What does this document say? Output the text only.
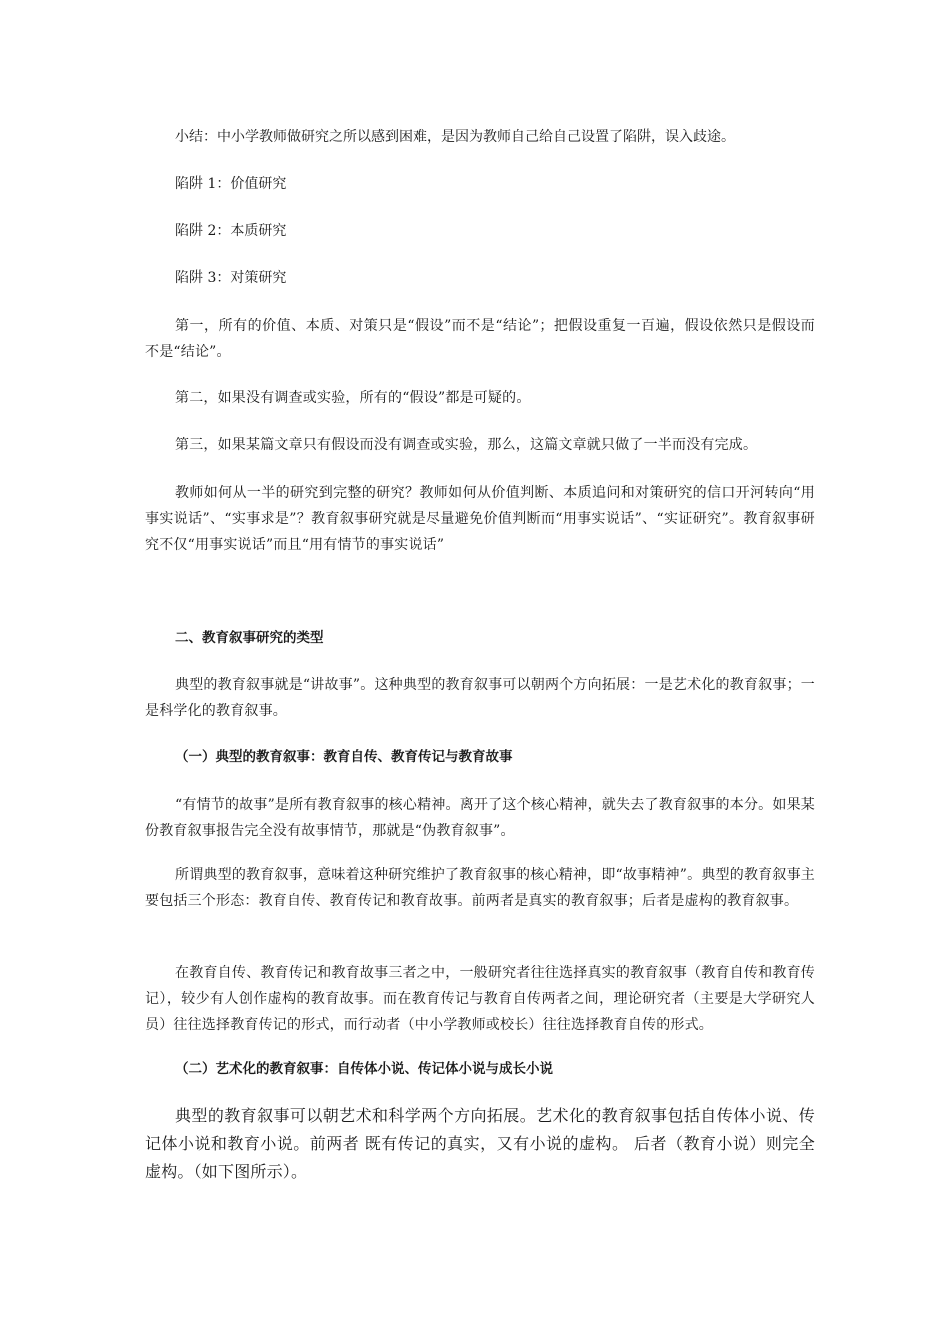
小结：中小学教师做研究之所以感到困难，是因为教师自己给自己设置了陷阱，误入歧途。

陷阱 1：价值研究

陷阱 2：本质研究

陷阱 3：对策研究

第一，所有的价值、本质、对策只是“假设”而不是“结论”；把假设重复一百遍，假设依然只是假设而不是“结论”。

第二，如果没有调查或实验，所有的“假设”都是可疑的。

第三，如果某篇文章只有假设而没有调查或实验，那么，这篇文章就只做了一半而没有完成。

教师如何从一半的研究到完整的研究？教师如何从价值判断、本质追问和对策研究的信口开河转向“用事实说话”、“实事求是”？教育叙事研究就是尽量避免价值判断而“用事实说话”、“实证研究”。教育叙事研究不仅“用事实说话”而且“用有情节的事实说话”

二、教育叙事研究的类型

典型的教育叙事就是“讲故事”。这种典型的教育叙事可以朝两个方向拓展：一是艺术化的教育叙事；一是科学化的教育叙事。

（一）典型的教育叙事：教育自传、教育传记与教育故事

“有情节的故事”是所有教育叙事的核心精神。离开了这个核心精神，就失去了教育叙事的本分。如果某份教育叙事报告完全没有故事情节，那就是“伪教育叙事”。

所谓典型的教育叙事，意味着这种研究维护了教育叙事的核心精神，即“故事精神”。典型的教育叙事主要包括三个形态：教育自传、教育传记和教育故事。前两者是真实的教育叙事；后者是虚构的教育叙事。

在教育自传、教育传记和教育故事三者之中，一般研究者往往选择真实的教育叙事（教育自传和教育传记），较少有人创作虚构的教育故事。而在教育传记与教育自传两者之间，理论研究者（主要是大学研究人员）往往选择教育传记的形式，而行动者（中小学教师或校长）往往选择教育自传的形式。

（二）艺术化的教育叙事：自传体小说、传记体小说与成长小说

典型的教育叙事可以朝艺术和科学两个方向拓展。艺术化的教育叙事包括自传体小说、传记体小说和教育小说。前两者 既有传记的真实，又有小说的虚构。 后者（教育小说）则完全虚构。（如下图所示）。
